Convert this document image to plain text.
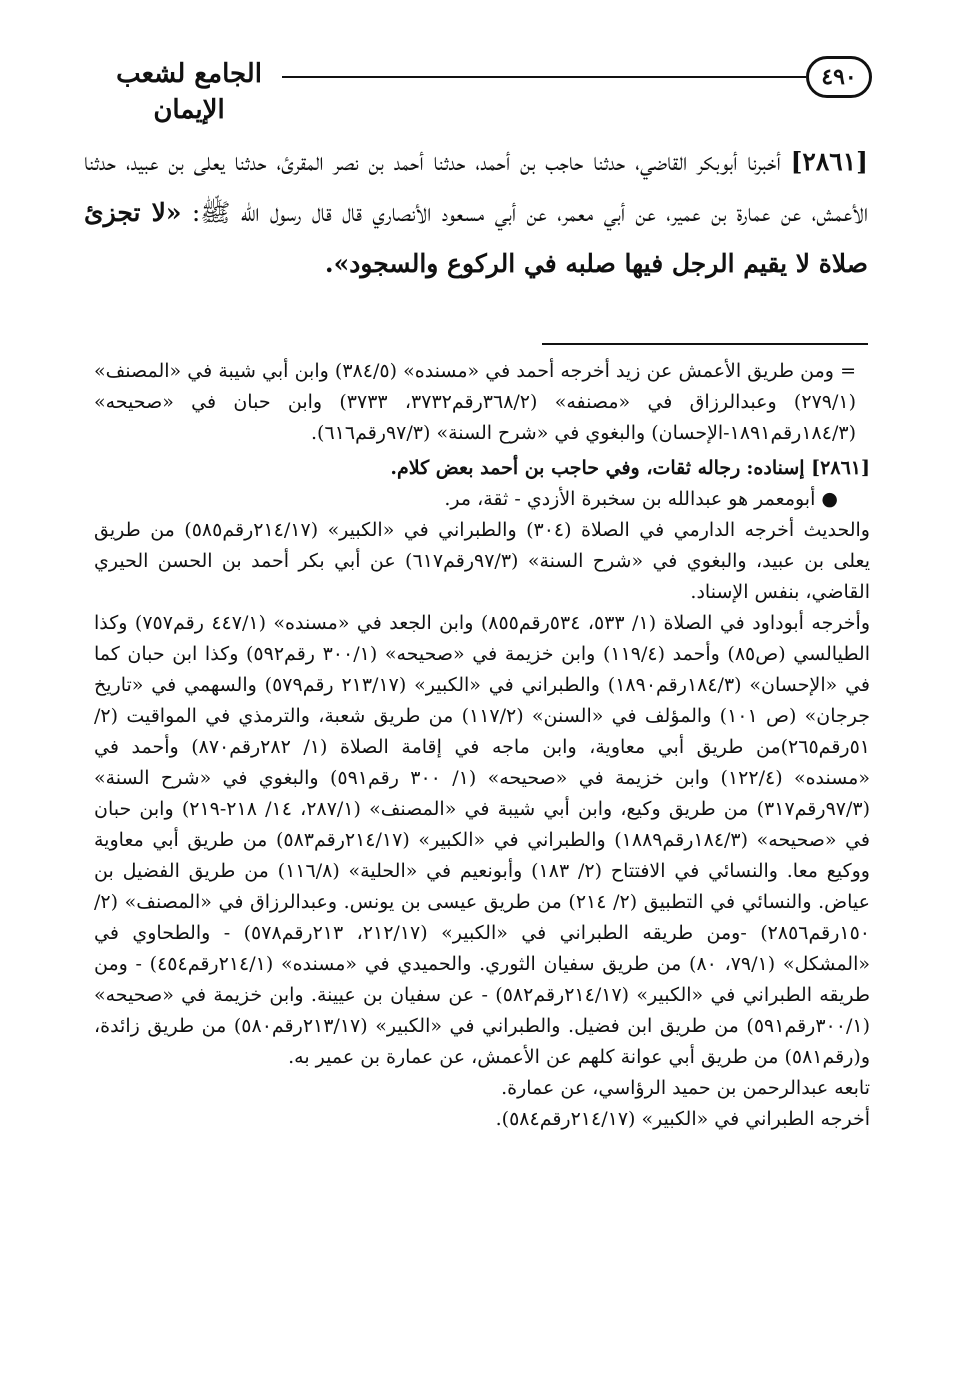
٤٩٠
الجامع لشعب الإيمان
[٢٨٦١] أخبرنا أبوبكر القاضي، حدثنا حاجب بن أحمد، حدثنا أحمد بن نصر المقرئ، حدثنا يعلى بن عبيد، حدثنا الأعمش، عن عمارة بن عمير، عن أبي معمر، عن أبي مسعود الأنصاري قال قال رسول الله ﷺ: «لا تجزئ صلاة لا يقيم الرجل فيها صلبه في الركوع والسجود».

= ومن طريق الأعمش عن زيد أخرجه أحمد في «مسنده» (٣٨٤/٥) وابن أبي شيبة في «المصنف» (٢٧٩/١) وعبدالرزاق في «مصنفه» (٣٦٨/٢رقم٣٧٣٢، ٣٧٣٣) وابن حبان في «صحيحه» (١٨٤/٣رقم١٨٩١-الإحسان) والبغوي في «شرح السنة» (٩٧/٣رقم٦١٦).

[٢٨٦١] إسناده: رجاله ثقات، وفي حاجب بن أحمد بعض كلام.

● أبومعمر هو عبدالله بن سخبرة الأزدي - ثقة، مر.

والحديث أخرجه الدارمي في الصلاة (٣٠٤) والطبراني في «الكبير» (٢١٤/١٧رقم٥٨٥) من طريق يعلى بن عبيد، والبغوي في «شرح السنة» (٩٧/٣رقم٦١٧) عن أبي بكر أحمد بن الحسن الحيري القاضي، بنفس الإسناد.

وأخرجه أبوداود في الصلاة (١/ ٥٣٣، ٥٣٤رقم٨٥٥) وابن الجعد في «مسنده» (٤٤٧/١ رقم٧٥٧) وكذا الطيالسي (ص٨٥) وأحمد (١١٩/٤) وابن خزيمة في «صحيحه» (٣٠٠/١ رقم٥٩٢) وكذا ابن حبان كما في «الإحسان» (١٨٤/٣رقم١٨٩٠) والطبراني في «الكبير» (٢١٣/١٧ رقم٥٧٩) والسهمي في «تاريخ جرجان» (ص ١٠١) والمؤلف في «السنن» (١١٧/٢) من طريق شعبة، والترمذي في المواقيت (٢/ ٥١رقم٢٦٥)من طريق أبي معاوية، وابن ماجه في إقامة الصلاة (١/ ٢٨٢رقم٨٧٠) وأحمد في «مسنده» (١٢٢/٤) وابن خزيمة في «صحيحه» (١/ ٣٠٠ رقم٥٩١) والبغوي في «شرح السنة» (٩٧/٣رقم٣١٧) من طريق وكيع، وابن أبي شيبة في «المصنف» (٢٨٧/١، ١٤/ ٢١٨-٢١٩) وابن حبان في «صحيحه» (١٨٤/٣رقم١٨٨٩) والطبراني في «الكبير» (٢١٤/١٧رقم٥٨٣) من طريق أبي معاوية ووكيع معا. والنسائي في الافتتاح (٢/ ١٨٣) وأبونعيم في «الحلية» (١١٦/٨) من طريق الفضيل بن عياض. والنسائي في التطبيق (٢/ ٢١٤) من طريق عيسى بن يونس. وعبدالرزاق في «المصنف» (٢/ ١٥٠رقم٢٨٥٦) -ومن طريقه الطبراني في «الكبير» (٢١٢/١٧، ٢١٣رقم٥٧٨) - والطحاوي في «المشكل» (٧٩/١، ٨٠) من طريق سفيان الثوري. والحميدي في «مسنده» (٢١٤/١رقم٤٥٤) - ومن طريقه الطبراني في «الكبير» (٢١٤/١٧رقم٥٨٢) - عن سفيان بن عيينة. وابن خزيمة في «صحيحه» (٣٠٠/١رقم٥٩١) من طريق ابن فضيل. والطبراني في «الكبير» (٢١٣/١٧رقم٥٨٠) من طريق زائدة، و(رقم٥٨١) من طريق أبي عوانة كلهم عن الأعمش، عن عمارة بن عمير به.

تابعه عبدالرحمن بن حميد الرؤاسي، عن عمارة.

أخرجه الطبراني في «الكبير» (٢١٤/١٧رقم٥٨٤).
